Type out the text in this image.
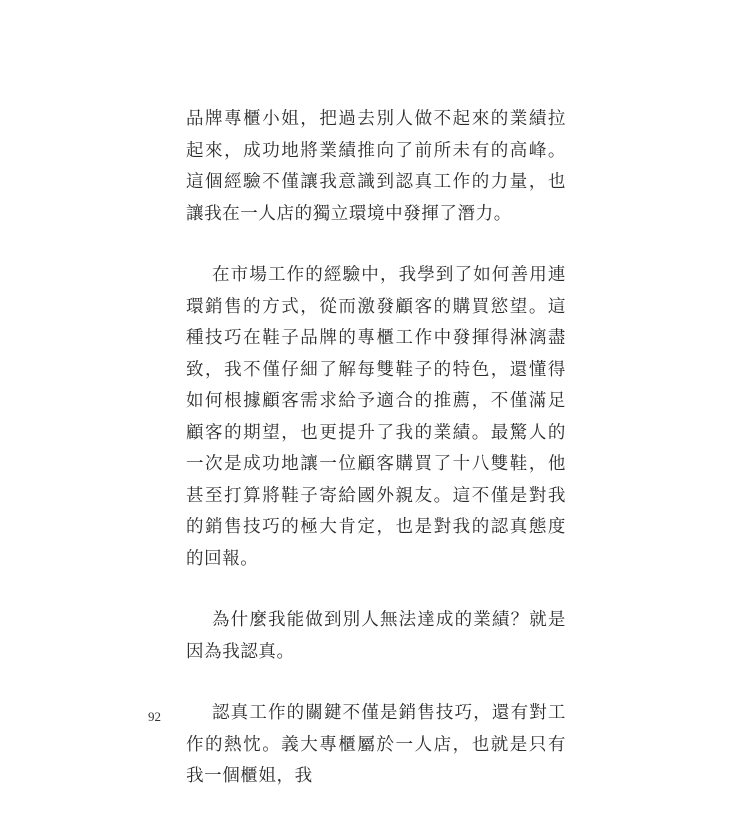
品牌專櫃小姐，把過去別人做不起來的業績拉起來，成功地將業績推向了前所未有的高峰。這個經驗不僅讓我意識到認真工作的力量，也讓我在一人店的獨立環境中發揮了潛力。

在市場工作的經驗中，我學到了如何善用連環銷售的方式，從而激發顧客的購買慾望。這種技巧在鞋子品牌的專櫃工作中發揮得淋漓盡致，我不僅仔細了解每雙鞋子的特色，還懂得如何根據顧客需求給予適合的推薦，不僅滿足顧客的期望，也更提升了我的業績。最驚人的一次是成功地讓一位顧客購買了十八雙鞋，他甚至打算將鞋子寄給國外親友。這不僅是對我的銷售技巧的極大肯定，也是對我的認真態度的回報。

為什麼我能做到別人無法達成的業績？就是因為我認真。

認真工作的關鍵不僅是銷售技巧，還有對工作的熱忱。義大專櫃屬於一人店，也就是只有我一個櫃姐，我

92
